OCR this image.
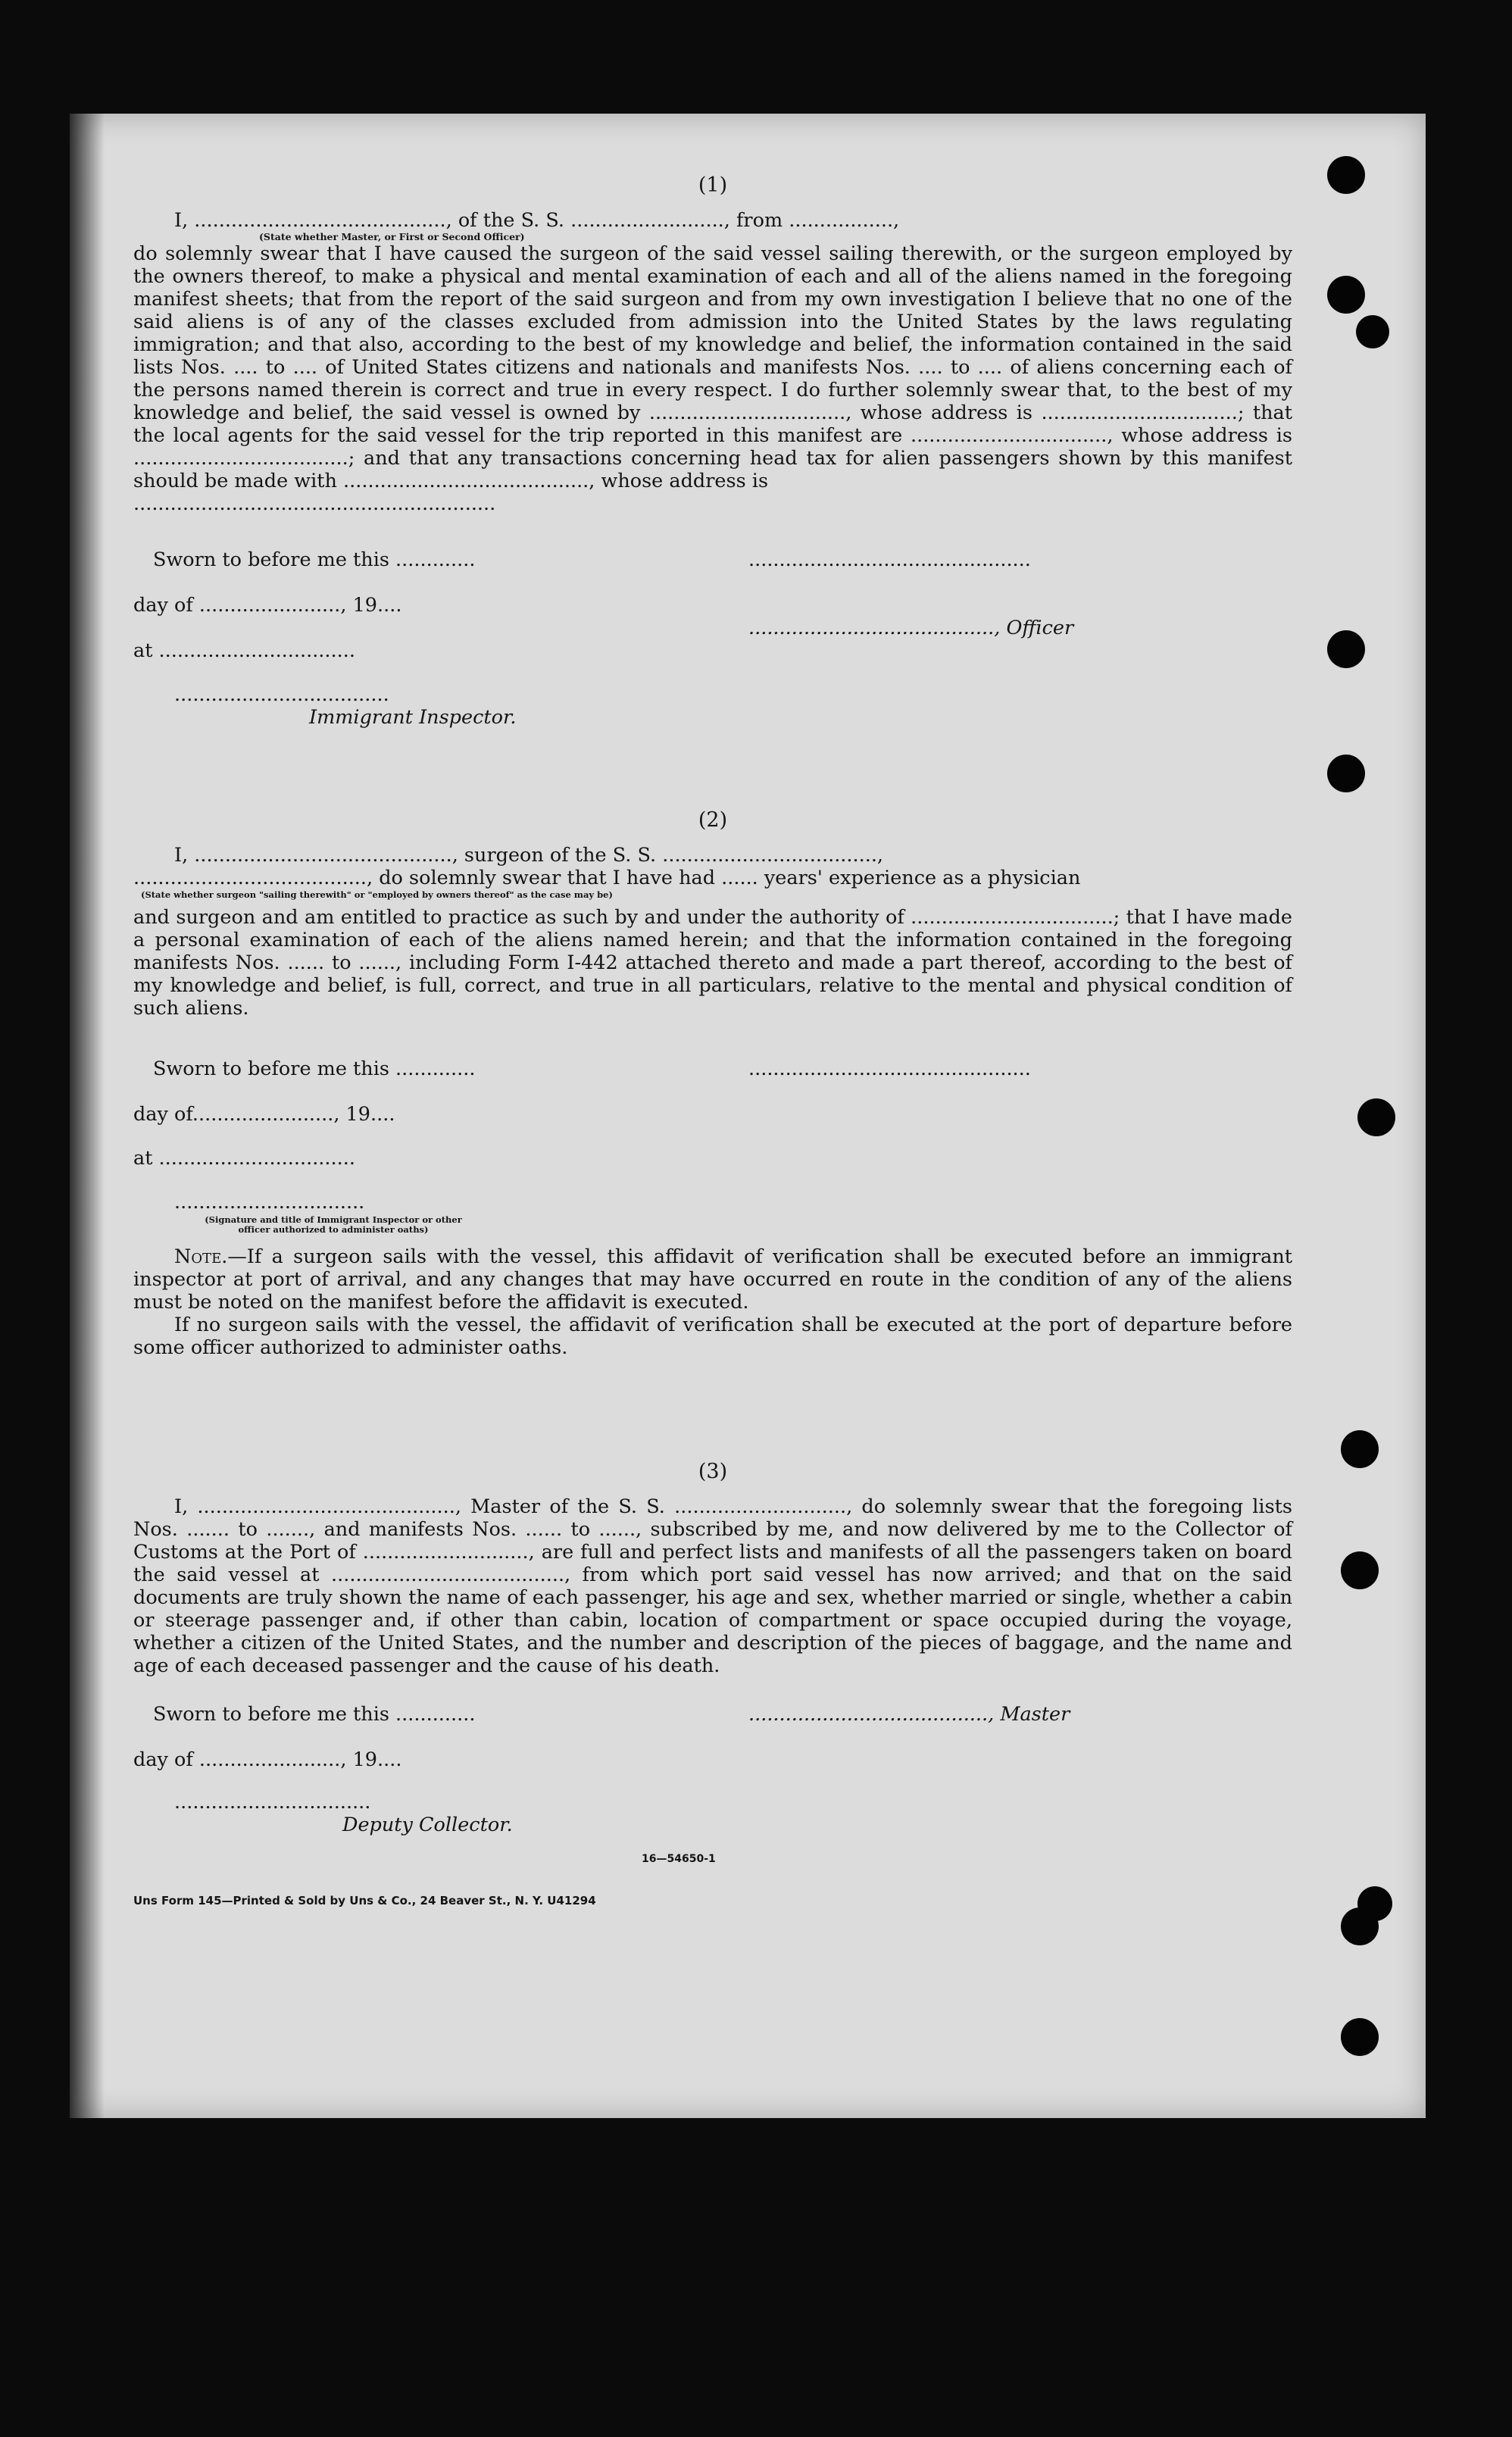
(1)
I, ........................................., of the S. S. ........................., from .................,
(State whether Master, or First or Second Officer)
do solemnly swear that I have caused the surgeon of the said vessel sailing therewith, or the surgeon employed by the owners thereof, to make a physical and mental examination of each and all of the aliens named in the foregoing manifest sheets; that from the report of the said surgeon and from my own investigation I believe that no one of the said aliens is of any of the classes excluded from admission into the United States by the laws regulating immigration; and that also, according to the best of my knowledge and belief, the information contained in the said lists Nos. .... to .... of United States citizens and nationals and manifests Nos. .... to .... of aliens concerning each of the persons named therein is correct and true in every respect. I do further solemnly swear that, to the best of my knowledge and belief, the said vessel is owned by ................................, whose address is ................................; that the local agents for the said vessel for the trip reported in this manifest are ................................, whose address is ...................................; and that any transactions concerning head tax for alien passengers shown by this manifest should be made with ........................................, whose address is
...........................................................
Sworn to before me this .............	..............................................
day of ......................., 19....
........................................, Officer
at ................................
...................................
Immigrant Inspector.
(2)
I, .........................................., surgeon of the S. S. ...................................,
......................................, do solemnly swear that I have had ...... years' experience as a physician
(State whether surgeon "sailing therewith" or "employed by owners thereof" as the case may be)
and surgeon and am entitled to practice as such by and under the authority of .................................; that I have made a personal examination of each of the aliens named herein; and that the information contained in the foregoing manifests Nos. ...... to ......, including Form I-442 attached thereto and made a part thereof, according to the best of my knowledge and belief, is full, correct, and true in all particulars, relative to the mental and physical condition of such aliens.
Sworn to before me this .............	..............................................
day of......................., 19....
at ................................
...............................
(Signature and title of Immigrant Inspector or other officer authorized to administer oaths)
Note.—If a surgeon sails with the vessel, this affidavit of verification shall be executed before an immigrant inspector at port of arrival, and any changes that may have occurred en route in the condition of any of the aliens must be noted on the manifest before the affidavit is executed.
If no surgeon sails with the vessel, the affidavit of verification shall be executed at the port of departure before some officer authorized to administer oaths.
(3)
I, .........................................., Master of the S. S. ............................, do solemnly swear that the foregoing lists Nos. ....... to ......., and manifests Nos. ...... to ......, subscribed by me, and now delivered by me to the Collector of Customs at the Port of ..........................., are full and perfect lists and manifests of all the passengers taken on board the said vessel at ......................................, from which port said vessel has now arrived; and that on the said documents are truly shown the name of each passenger, his age and sex, whether married or single, whether a cabin or steerage passenger and, if other than cabin, location of compartment or space occupied during the voyage, whether a citizen of the United States, and the number and description of the pieces of baggage, and the name and age of each deceased passenger and the cause of his death.
Sworn to before me this .............	......................................., Master
day of ......................., 19....
................................
Deputy Collector.
16—54650-1
Uns Form 145—Printed & Sold by Uns & Co., 24 Beaver St., N. Y. U41294
